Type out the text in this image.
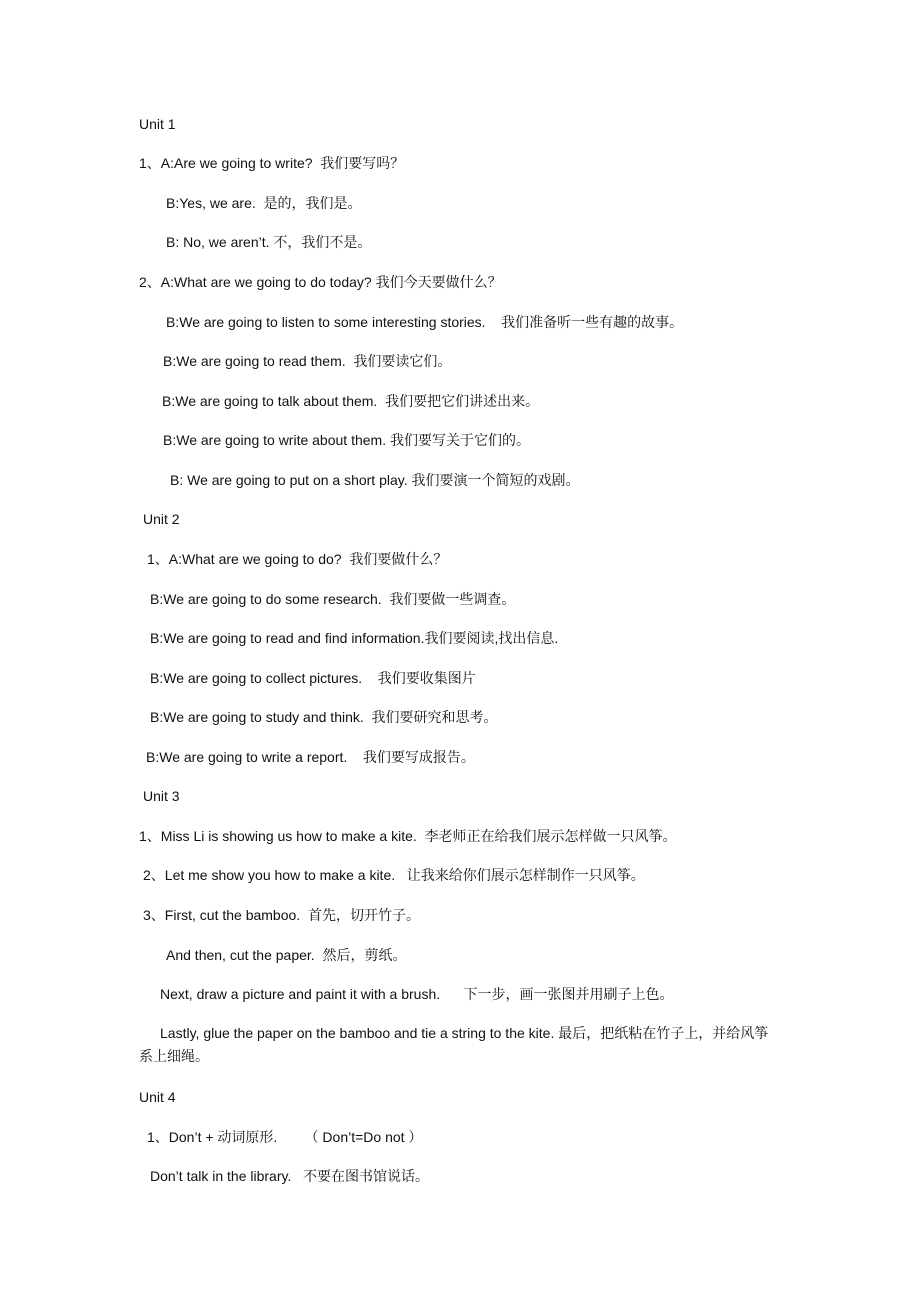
Unit 1
1、A:Are we going to write?  我们要写吗？
B:Yes, we are.  是的，我们是。
B: No, we aren’t. 不，我们不是。
2、A:What are we going to do today? 我们今天要做什么？
B:We are going to listen to some interesting stories.    我们准备听一些有趣的故事。
B:We are going to read them.  我们要读它们。
B:We are going to talk about them.  我们要把它们讲述出来。
B:We are going to write about them. 我们要写关于它们的。
B: We are going to put on a short play. 我们要演一个简短的戏剧。
Unit 2
1、A:What are we going to do?  我们要做什么？
B:We are going to do some research.  我们要做一些调查。
B:We are going to read and find information.我们要阅读,找出信息.
B:We are going to collect pictures.    我们要收集图片
B:We are going to study and think.  我们要研究和思考。
B:We are going to write a report.    我们要写成报告。
Unit 3
1、Miss Li is showing us how to make a kite.  李老师正在给我们展示怎样做一只风筝。
2、Let me show you how to make a kite.   让我来给你们展示怎样制作一只风筝。
3、First, cut the bamboo.  首先，切开竹子。
And then, cut the paper.  然后，剪纸。
Next, draw a picture and paint it with a brush.      下一步，画一张图并用刷子上色。
Lastly, glue the paper on the bamboo and tie a string to the kite. 最后，把纸粘在竹子上，并给风筝系上细绳。
Unit 4
1、Don’t + 动词原形.       （ Don’t=Do not ）
Don’t talk in the library.   不要在图书馆说话。
